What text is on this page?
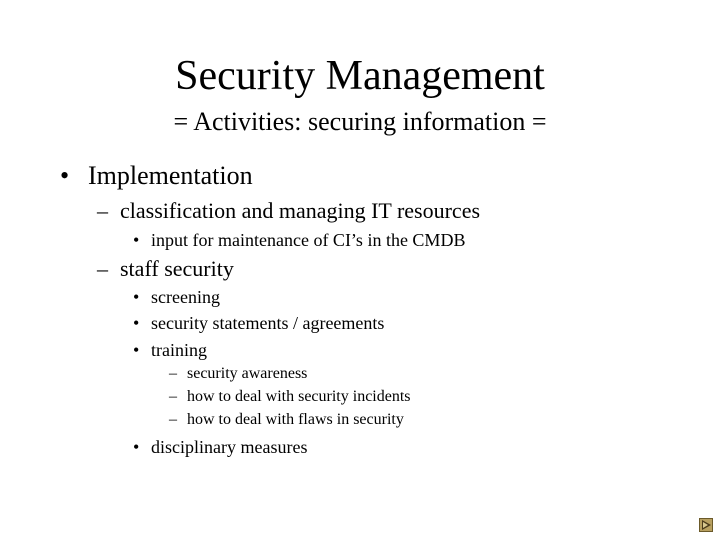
Security Management
= Activities: securing information =
• Implementation
– classification and managing IT resources
• input for maintenance of CI’s in the CMDB
– staff security
• screening
• security statements / agreements
• training
– security awareness
– how to deal with security incidents
– how to deal with flaws in security
• disciplinary measures
